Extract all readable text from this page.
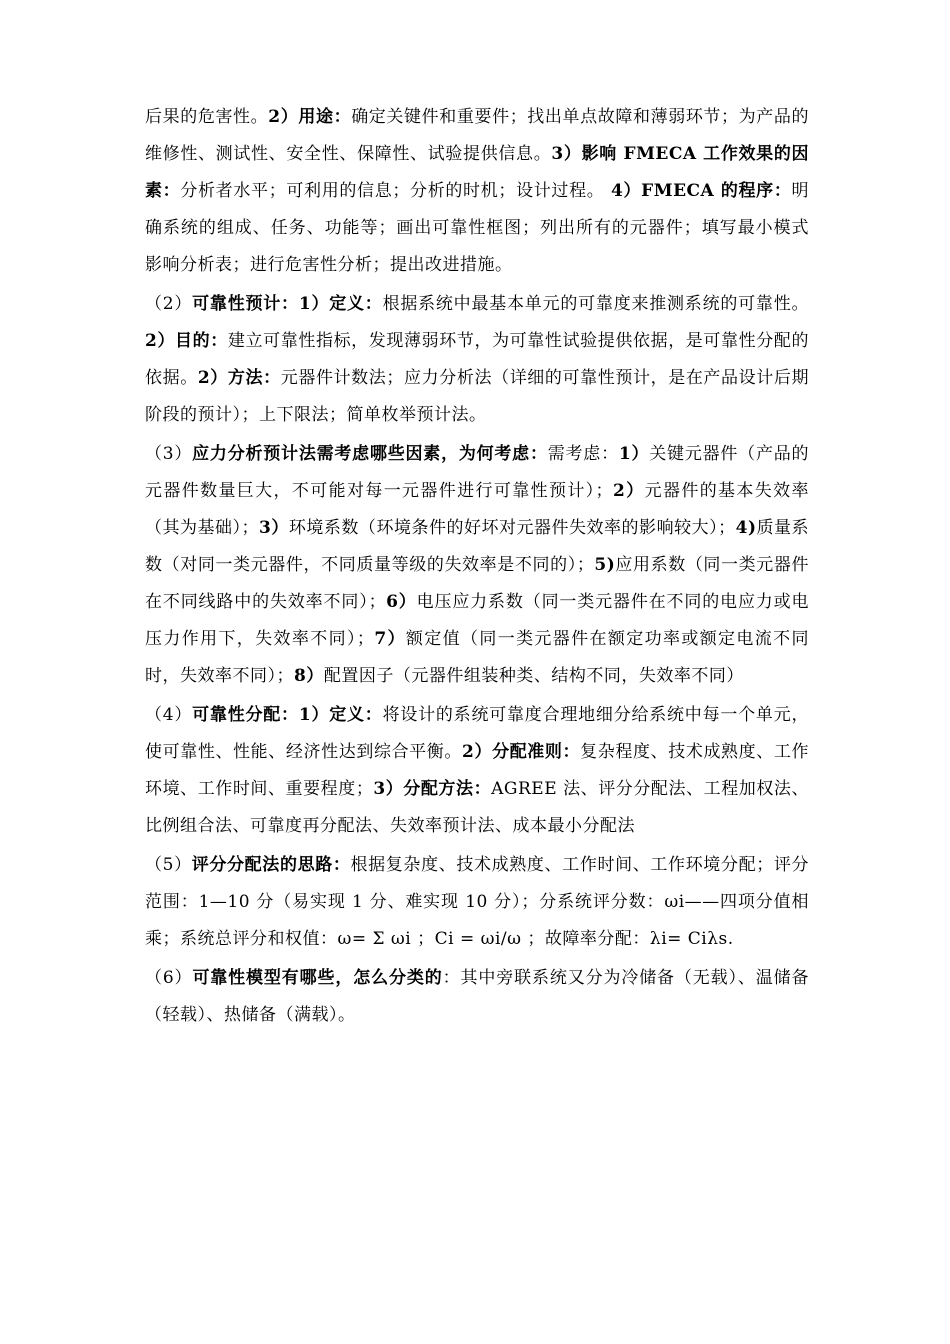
后果的危害性。2）用途：确定关键件和重要件；找出单点故障和薄弱环节；为产品的维修性、测试性、安全性、保障性、试验提供信息。3）影响 FMECA 工作效果的因素：分析者水平；可利用的信息；分析的时机；设计过程。 4）FMECA 的程序：明确系统的组成、任务、功能等；画出可靠性框图；列出所有的元器件；填写最小模式影响分析表；进行危害性分析；提出改进措施。

（2）可靠性预计：1）定义：根据系统中最基本单元的可靠度来推测系统的可靠性。2）目的：建立可靠性指标，发现薄弱环节，为可靠性试验提供依据，是可靠性分配的依据。2）方法：元器件计数法；应力分析法（详细的可靠性预计，是在产品设计后期阶段的预计）；上下限法；简单枚举预计法。

（3）应力分析预计法需考虑哪些因素，为何考虑：需考虑：1）关键元器件（产品的元器件数量巨大，不可能对每一元器件进行可靠性预计）；2）元器件的基本失效率（其为基础）；3）环境系数（环境条件的好坏对元器件失效率的影响较大）；4)质量系数（对同一类元器件，不同质量等级的失效率是不同的）；5)应用系数（同一类元器件在不同线路中的失效率不同）；6）电压应力系数（同一类元器件在不同的电应力或电压力作用下，失效率不同）；7）额定值（同一类元器件在额定功率或额定电流不同时，失效率不同）；8）配置因子（元器件组装种类、结构不同，失效率不同）

（4）可靠性分配：1）定义：将设计的系统可靠度合理地细分给系统中每一个单元，使可靠性、性能、经济性达到综合平衡。2）分配准则：复杂程度、技术成熟度、工作环境、工作时间、重要程度；3）分配方法：AGREE 法、评分分配法、工程加权法、比例组合法、可靠度再分配法、失效率预计法、成本最小分配法

（5）评分分配法的思路：根据复杂度、技术成熟度、工作时间、工作环境分配；评分范围：1—10 分（易实现 1 分、难实现 10 分）；分系统评分数：ωi——四项分值相乘；系统总评分和权值：ω= Σ ωi ；Ci = ωi/ω ；故障率分配：λi= Ciλs.

（6）可靠性模型有哪些，怎么分类的：其中旁联系统又分为冷储备（无载）、温储备（轻载）、热储备（满载）。
